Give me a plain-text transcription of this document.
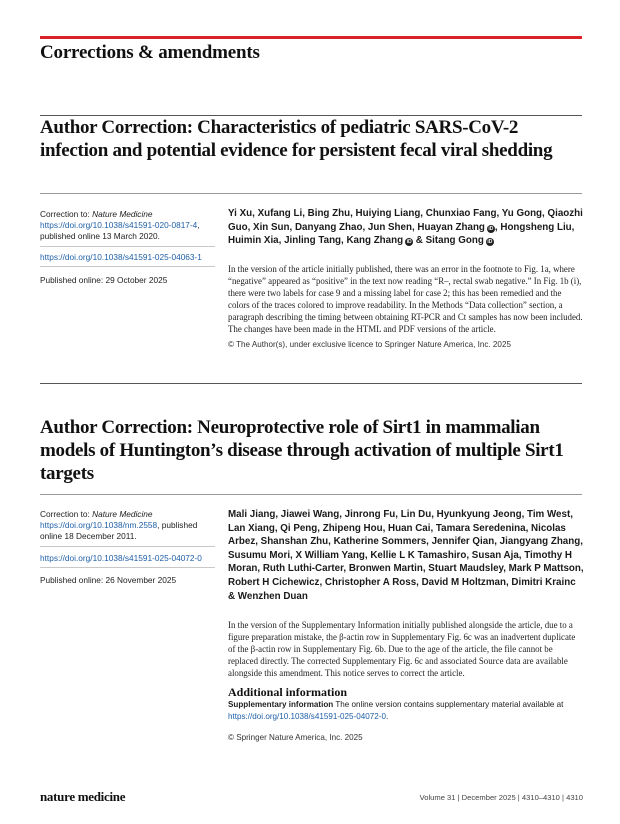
Corrections & amendments
Author Correction: Characteristics of pediatric SARS-CoV-2 infection and potential evidence for persistent fecal viral shedding
Correction to: Nature Medicine
https://doi.org/10.1038/s41591-020-0817-4, published online 13 March 2020.
https://doi.org/10.1038/s41591-025-04063-1
Published online: 29 October 2025
Yi Xu, Xufang Li, Bing Zhu, Huiying Liang, Chunxiao Fang, Yu Gong, Qiaozhi Guo, Xin Sun, Danyang Zhao, Jun Shen, Huayan Zhang iD , Hongsheng Liu, Huimin Xia, Jinling Tang, Kang Zhang iD & Sitang Gong iD
In the version of the article initially published, there was an error in the footnote to Fig. 1a, where “negative” appeared as “positive” in the text now reading “R–, rectal swab negative.” In Fig. 1b (i), there were two labels for case 9 and a missing label for case 2; this has been remedied and the colors of the traces colored to improve readability. In the Methods “Data collection” section, a paragraph describing the timing between obtaining RT-PCR and Ct samples has now been included. The changes have been made in the HTML and PDF versions of the article.
© The Author(s), under exclusive licence to Springer Nature America, Inc. 2025
Author Correction: Neuroprotective role of Sirt1 in mammalian models of Huntington’s disease through activation of multiple Sirt1 targets
Correction to: Nature Medicine
https://doi.org/10.1038/nm.2558, published online 18 December 2011.
https://doi.org/10.1038/s41591-025-04072-0
Published online: 26 November 2025
Mali Jiang, Jiawei Wang, Jinrong Fu, Lin Du, Hyunkyung Jeong, Tim West, Lan Xiang, Qi Peng, Zhipeng Hou, Huan Cai, Tamara Seredenina, Nicolas Arbez, Shanshan Zhu, Katherine Sommers, Jennifer Qian, Jiangyang Zhang, Susumu Mori, X William Yang, Kellie L K Tamashiro, Susan Aja, Timothy H Moran, Ruth Luthi-Carter, Bronwen Martin, Stuart Maudsley, Mark P Mattson, Robert H Cichewicz, Christopher A Ross, David M Holtzman, Dimitri Krainc & Wenzhen Duan
In the version of the Supplementary Information initially published alongside the article, due to a figure preparation mistake, the β-actin row in Supplementary Fig. 6c was an inadvertent duplicate of the β-actin row in Supplementary Fig. 6b. Due to the age of the article, the file cannot be replaced directly. The corrected Supplementary Fig. 6c and associated Source data are available alongside this amendment. This notice serves to correct the article.
Additional information
Supplementary information The online version contains supplementary material available at https://doi.org/10.1038/s41591-025-04072-0.
© Springer Nature America, Inc. 2025
nature medicine	Volume 31 | December 2025 | 4310–4310 | 4310
